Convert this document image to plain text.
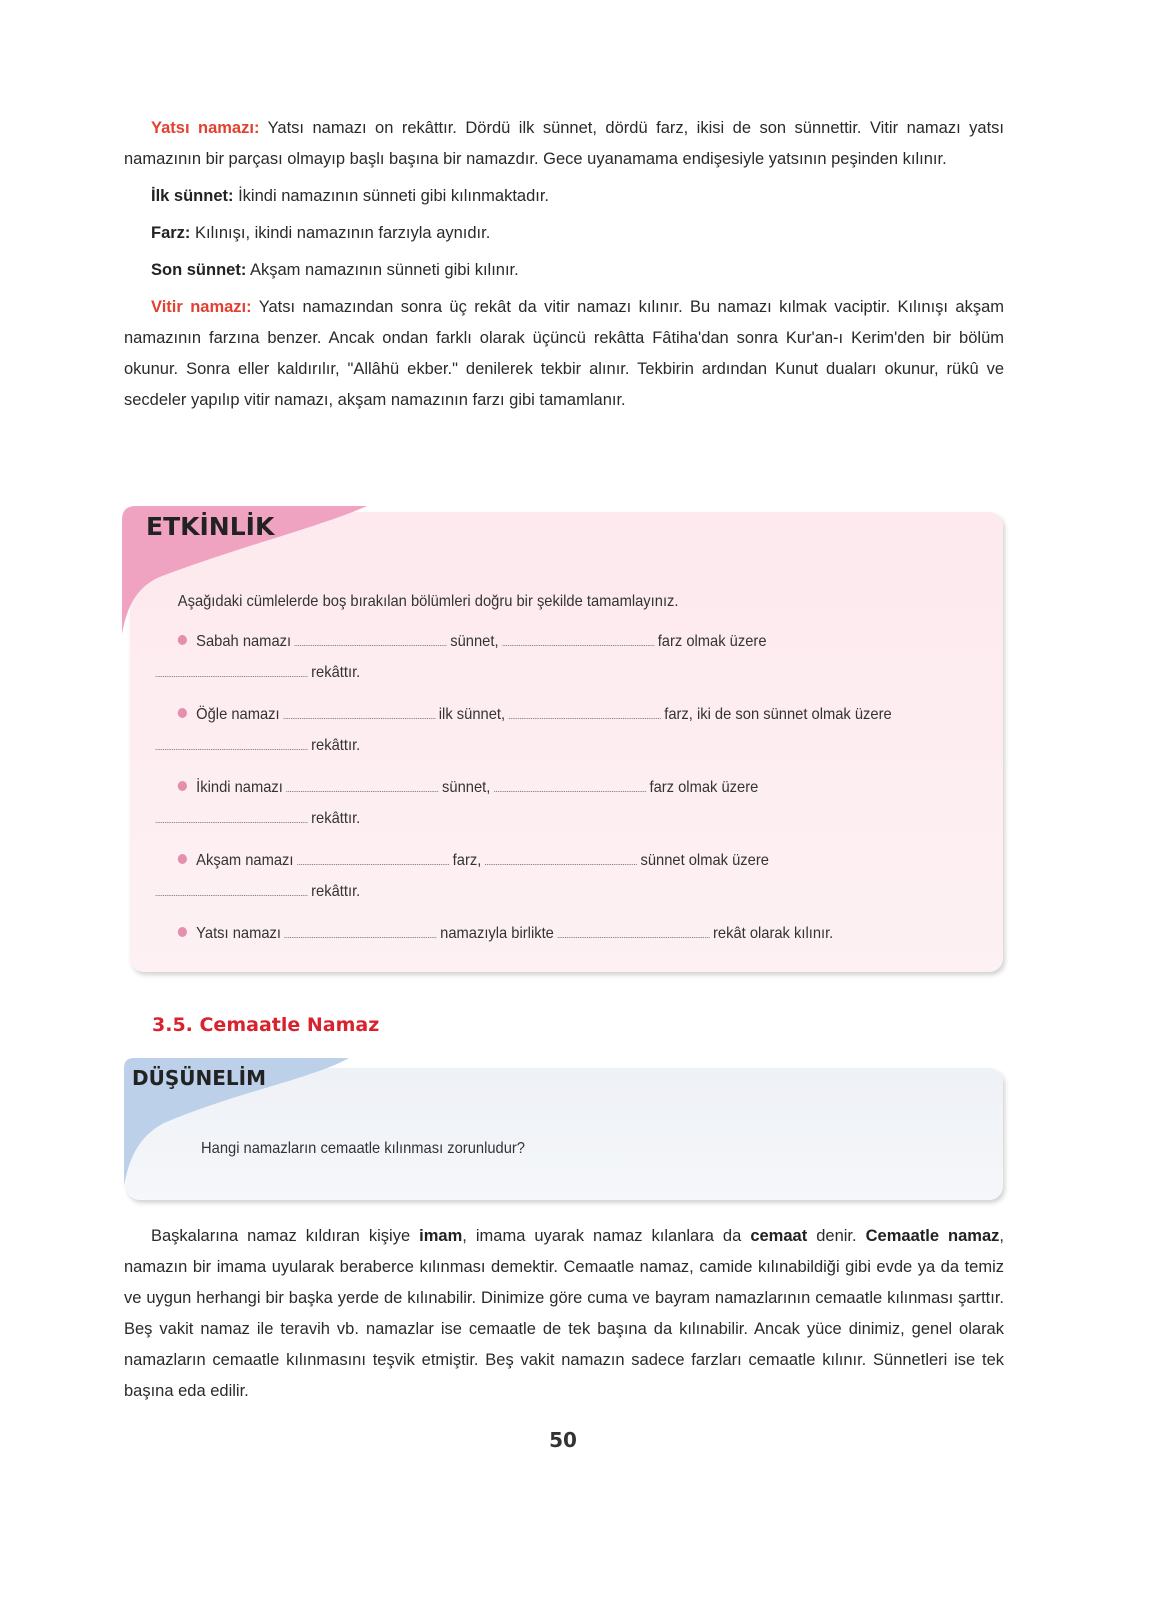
Yatsı namazı: Yatsı namazı on rekâttır. Dördü ilk sünnet, dördü farz, ikisi de son sünnettir. Vitir namazı yatsı namazının bir parçası olmayıp başlı başına bir namazdır. Gece uyanamama endişesiyle yatsının peşinden kılınır.

İlk sünnet: İkindi namazının sünneti gibi kılınmaktadır.

Farz: Kılınışı, ikindi namazının farzıyla aynıdır.

Son sünnet: Akşam namazının sünneti gibi kılınır.

Vitir namazı: Yatsı namazından sonra üç rekât da vitir namazı kılınır. Bu namazı kılmak vaciptir. Kılınışı akşam namazının farzına benzer. Ancak ondan farklı olarak üçüncü rekâtta Fâtiha'dan sonra Kur'an-ı Kerim'den bir bölüm okunur. Sonra eller kaldırılır, "Allâhü ekber." denilerek tekbir alınır. Tekbirin ardından Kunut duaları okunur, rükû ve secdeler yapılıp vitir namazı, akşam namazının farzı gibi tamamlanır.

ETKİNLİK

Aşağıdaki cümlelerde boş bırakılan bölümleri doğru bir şekilde tamamlayınız.

Sabah namazı	sünnet,	farz olmak üzererekâttır.

Öğle namazı	ilk sünnet,	farz, iki de son sünnet olmak üzererekâttır.

İkindi namazı	sünnet,	farz olmak üzererekâttır.

Akşam namazı	farz,	sünnet olmak üzererekâttır.

Yatsı namazı	namazıyla birlikte	rekât olarak kılınır.

3.5. Cemaatle Namaz
DÜŞÜNELİM
Hangi namazların cemaatle kılınması zorunludur?

Başkalarına namaz kıldıran kişiye imam, imama uyarak namaz kılanlara da cemaat denir. Cemaatle namaz, namazın bir imama uyularak beraberce kılınması demektir. Cemaatle namaz, camide kılınabildiği gibi evde ya da temiz ve uygun herhangi bir başka yerde de kılınabilir. Dinimize göre cuma ve bayram namazlarının cemaatle kılınması şarttır. Beş vakit namaz ile teravih vb. namazlar ise cemaatle de tek başına da kılınabilir. Ancak yüce dinimiz, genel olarak namazların cemaatle kılınmasını teşvik etmiştir. Beş vakit namazın sadece farzları cemaatle kılınır. Sünnetleri ise tek başına eda edilir.

50
